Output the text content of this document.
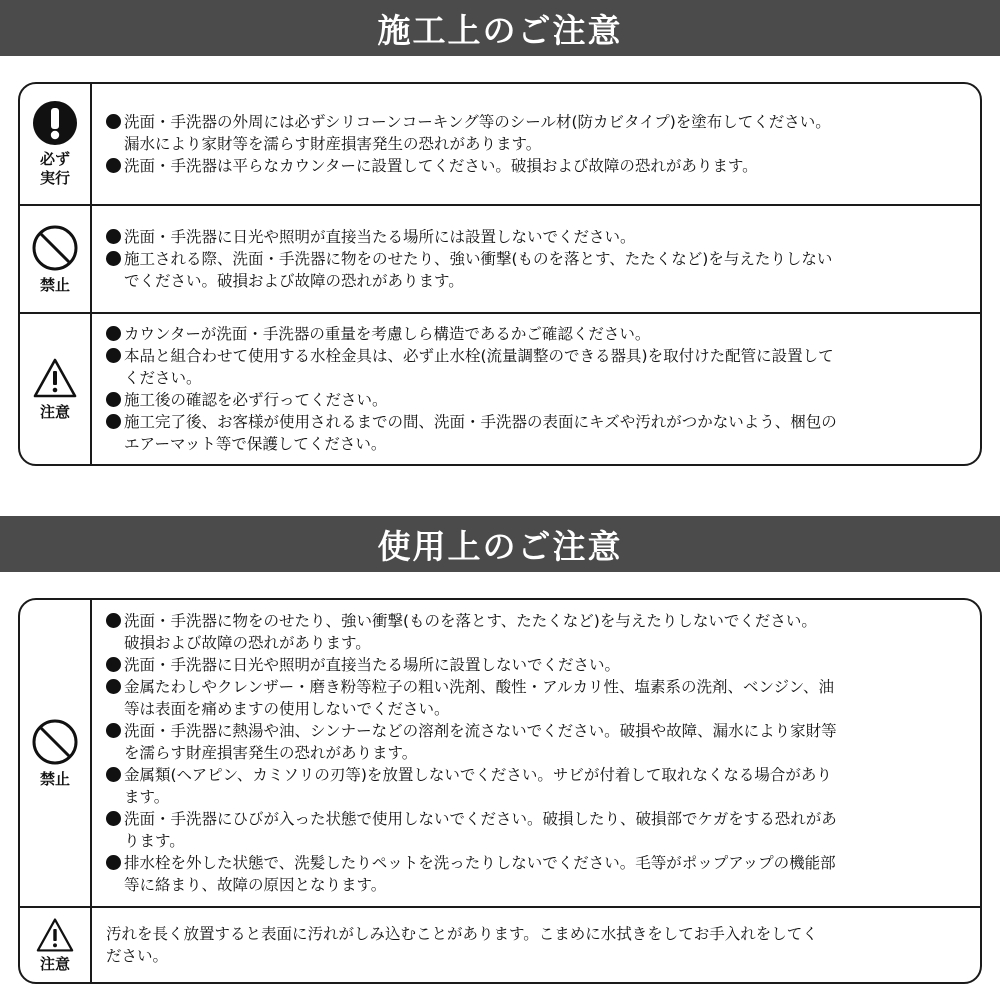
施工上のご注意
必ず
実行
洗面・手洗器の外周には必ずシリコーンコーキング等のシール材(防カビタイプ)を塗布してください。
漏水により家財等を濡らす財産損害発生の恐れがあります。
洗面・手洗器は平らなカウンターに設置してください。破損および故障の恐れがあります。
禁止
洗面・手洗器に日光や照明が直接当たる場所には設置しないでください。
施工される際、洗面・手洗器に物をのせたり、強い衝撃(ものを落とす、たたくなど)を与えたりしない
でください。破損および故障の恐れがあります。
注意
カウンターが洗面・手洗器の重量を考慮しら構造であるかご確認ください。
本品と組合わせて使用する水栓金具は、必ず止水栓(流量調整のできる器具)を取付けた配管に設置して
ください。
施工後の確認を必ず行ってください。
施工完了後、お客様が使用されるまでの間、洗面・手洗器の表面にキズや汚れがつかないよう、梱包の
エアーマット等で保護してください。
使用上のご注意
禁止
洗面・手洗器に物をのせたり、強い衝撃(ものを落とす、たたくなど)を与えたりしないでください。
破損および故障の恐れがあります。
洗面・手洗器に日光や照明が直接当たる場所に設置しないでください。
金属たわしやクレンザー・磨き粉等粒子の粗い洗剤、酸性・アルカリ性、塩素系の洗剤、ベンジン、油
等は表面を痛めますの使用しないでください。
洗面・手洗器に熱湯や油、シンナーなどの溶剤を流さないでください。破損や故障、漏水により家財等
を濡らす財産損害発生の恐れがあります。
金属類(ヘアピン、カミソリの刃等)を放置しないでください。サビが付着して取れなくなる場合があり
ます。
洗面・手洗器にひびが入った状態で使用しないでください。破損したり、破損部でケガをする恐れがあ
ります。
排水栓を外した状態で、洗髪したりペットを洗ったりしないでください。毛等がポップアップの機能部
等に絡まり、故障の原因となります。
注意
汚れを長く放置すると表面に汚れがしみ込むことがあります。こまめに水拭きをしてお手入れをしてく
ださい。
